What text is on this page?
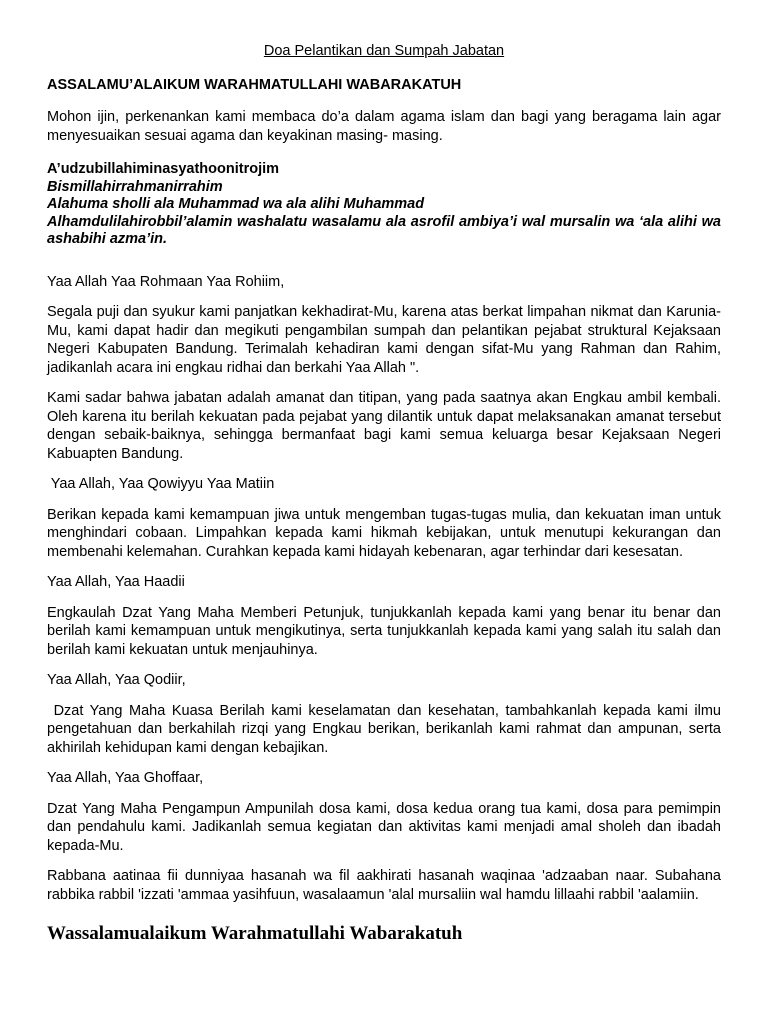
Doa Pelantikan dan Sumpah Jabatan
ASSALAMU’ALAIKUM WARAHMATULLAHI WABARAKATUH

Mohon ijin, perkenankan kami membaca do’a dalam agama islam dan bagi yang beragama lain agar menyesuaikan sesuai agama dan keyakinan masing- masing.

A’udzubillahiminasyathoonitrojim
Bismillahirrahmanirrahim
Alahuma sholli ala Muhammad wa ala alihi Muhammad
Alhamdulilahirobbil’alamin washalatu wasalamu ala asrofil ambiya’i wal mursalin wa ‘ala alihi wa ashabihi azma’in.

Yaa Allah Yaa Rohmaan Yaa Rohiim,

Segala puji dan syukur kami panjatkan kekhadirat-Mu, karena atas berkat limpahan nikmat dan Karunia-Mu, kami dapat hadir dan megikuti pengambilan sumpah dan pelantikan pejabat struktural Kejaksaan Negeri Kabupaten Bandung. Terimalah kehadiran kami dengan sifat-Mu yang Rahman dan Rahim, jadikanlah acara ini engkau ridhai dan berkahi Yaa Allah ".

Kami sadar bahwa jabatan adalah amanat dan titipan, yang pada saatnya akan Engkau ambil kembali. Oleh karena itu berilah kekuatan pada pejabat yang dilantik untuk dapat melaksanakan amanat tersebut dengan sebaik-baiknya, sehingga bermanfaat bagi kami semua keluarga besar Kejaksaan Negeri Kabuapten Bandung.

Yaa Allah, Yaa Qowiyyu Yaa Matiin

Berikan kepada kami kemampuan jiwa untuk mengemban tugas-tugas mulia, dan kekuatan iman untuk menghindari cobaan. Limpahkan kepada kami hikmah kebijakan, untuk menutupi kekurangan dan membenahi kelemahan. Curahkan kepada kami hidayah kebenaran, agar terhindar dari kesesatan.

Yaa Allah, Yaa Haadii

Engkaulah Dzat Yang Maha Memberi Petunjuk, tunjukkanlah kepada kami yang benar itu benar dan berilah kami kemampuan untuk mengikutinya, serta tunjukkanlah kepada kami yang salah itu salah dan berilah kami kekuatan untuk menjauhinya.

Yaa Allah, Yaa Qodiir,

Dzat Yang Maha Kuasa Berilah kami keselamatan dan kesehatan, tambahkanlah kepada kami ilmu pengetahuan dan berkahilah rizqi yang Engkau berikan, berikanlah kami rahmat dan ampunan, serta akhirilah kehidupan kami dengan kebajikan.

Yaa Allah, Yaa Ghoffaar,

Dzat Yang Maha Pengampun Ampunilah dosa kami, dosa kedua orang tua kami, dosa para pemimpin dan pendahulu kami. Jadikanlah semua kegiatan dan aktivitas kami menjadi amal sholeh dan ibadah kepada-Mu.

Rabbana aatinaa fii dunniyaa hasanah wa fil aakhirati hasanah waqinaa 'adzaaban naar. Subahana rabbika rabbil 'izzati 'ammaa yasihfuun, wasalaamun 'alal mursaliin wal hamdu lillaahi rabbil 'aalamiin.

Wassalamualaikum Warahmatullahi Wabarakatuh
